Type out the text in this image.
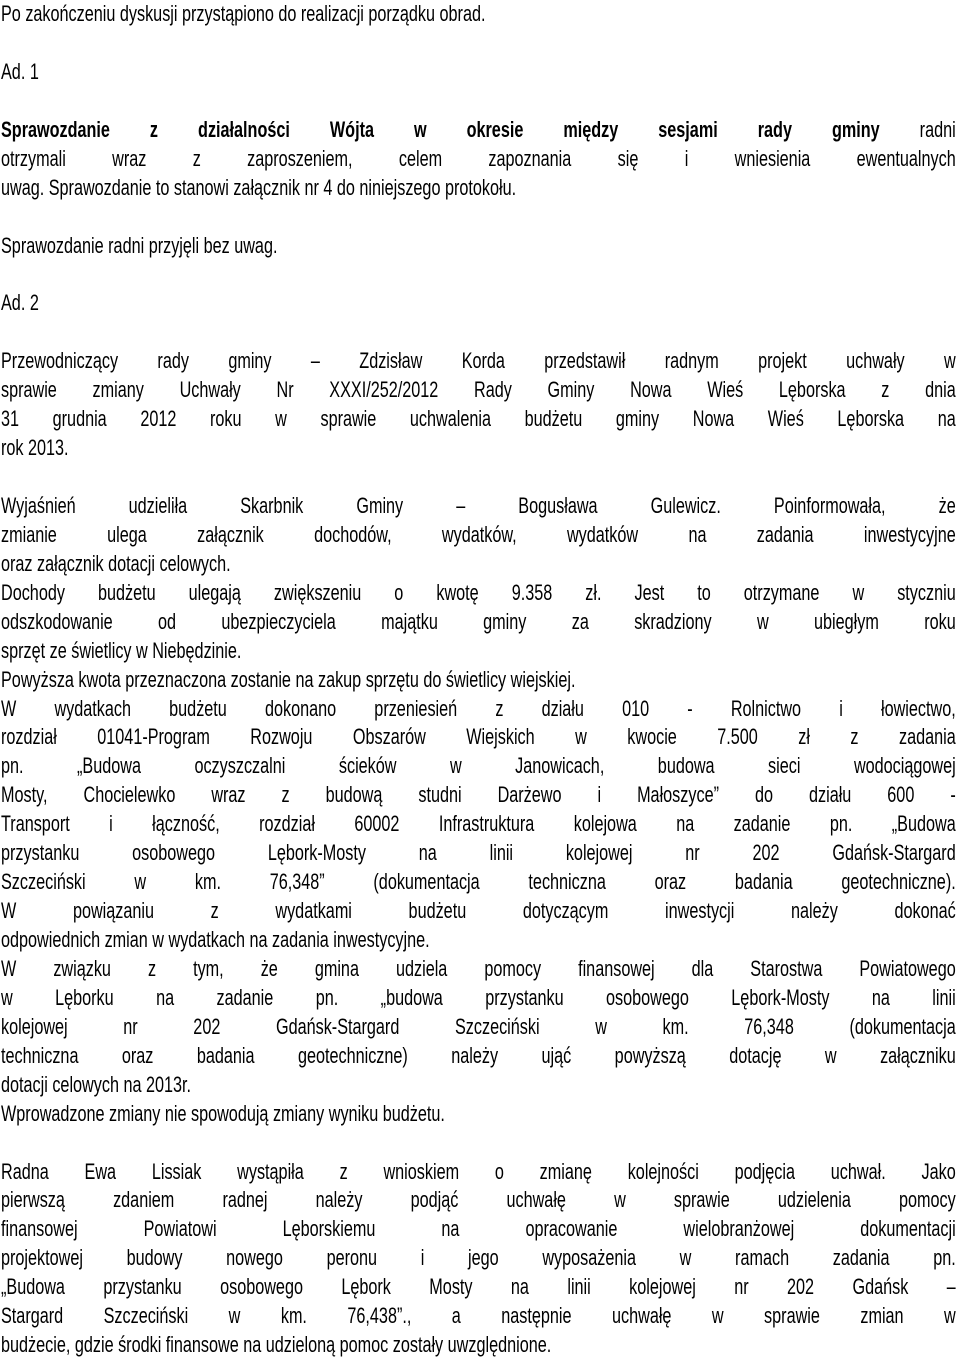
Po zakończeniu dyskusji przystąpiono do realizacji porządku obrad.
Ad. 1
Sprawozdanie z działalności Wójta w okresie między sesjami rady gminy radni
otrzymali wraz z zaproszeniem, celem zapoznania się i wniesienia ewentualnych
uwag. Sprawozdanie to stanowi załącznik nr 4 do niniejszego protokołu.
Sprawozdanie radni przyjęli bez uwag.
Ad. 2
Przewodniczący rady gminy – Zdzisław Korda przedstawił radnym projekt uchwały w
sprawie zmiany Uchwały Nr XXXI/252/2012 Rady Gminy Nowa Wieś Lęborska z dnia
31 grudnia 2012 roku w sprawie uchwalenia budżetu gminy Nowa Wieś Lęborska na
rok 2013.
Wyjaśnień udzieliła Skarbnik Gminy – Bogusława Gulewicz. Poinformowała, że
zmianie ulega załącznik dochodów, wydatków, wydatków na zadania inwestycyjne
oraz załącznik dotacji celowych.
Dochody budżetu ulegają zwiększeniu o kwotę 9.358 zł. Jest to otrzymane w styczniu
odszkodowanie od ubezpieczyciela majątku gminy za skradziony w ubiegłym roku
sprzęt ze świetlicy w Niebędzinie.
Powyższa kwota przeznaczona zostanie na zakup sprzętu do świetlicy wiejskiej.
W wydatkach budżetu dokonano przeniesień z działu 010 - Rolnictwo i łowiectwo,
rozdział 01041-Program Rozwoju Obszarów Wiejskich w kwocie 7.500 zł z zadania
pn. „Budowa oczyszczalni ścieków w Janowicach, budowa sieci wodociągowej
Mosty, Chocielewko wraz z budową studni Darżewo i Małoszyce” do działu 600 -
Transport i łączność, rozdział 60002 Infrastruktura kolejowa na zadanie pn. „Budowa
przystanku osobowego Lębork-Mosty na linii kolejowej nr 202 Gdańsk-Stargard
Szczeciński w km. 76,348” (dokumentacja techniczna oraz badania geotechniczne).
W powiązaniu z wydatkami budżetu dotyczącym inwestycji należy dokonać
odpowiednich zmian w wydatkach na zadania inwestycyjne.
W związku z tym, że gmina udziela pomocy finansowej dla Starostwa Powiatowego
w Lęborku na zadanie pn. „budowa przystanku osobowego Lębork-Mosty na linii
kolejowej nr 202 Gdańsk-Stargard Szczeciński w km. 76,348 (dokumentacja
techniczna oraz badania geotechniczne) należy ująć powyższą dotację w załączniku
dotacji celowych na 2013r.
Wprowadzone zmiany nie spowodują zmiany wyniku budżetu.
Radna Ewa Lissiak wystąpiła z wnioskiem o zmianę kolejności podjęcia uchwał. Jako
pierwszą zdaniem radnej należy podjąć uchwałę w sprawie udzielenia pomocy
finansowej Powiatowi Lęborskiemu na opracowanie wielobranżowej dokumentacji
projektowej budowy nowego peronu i jego wyposażenia w ramach zadania pn.
„Budowa przystanku osobowego Lębork Mosty na linii kolejowej nr 202 Gdańsk –
Stargard Szczeciński w km. 76,438”., a następnie uchwałę w sprawie zmian w
budżecie, gdzie środki finansowe na udzieloną pomoc zostały uwzględnione.
